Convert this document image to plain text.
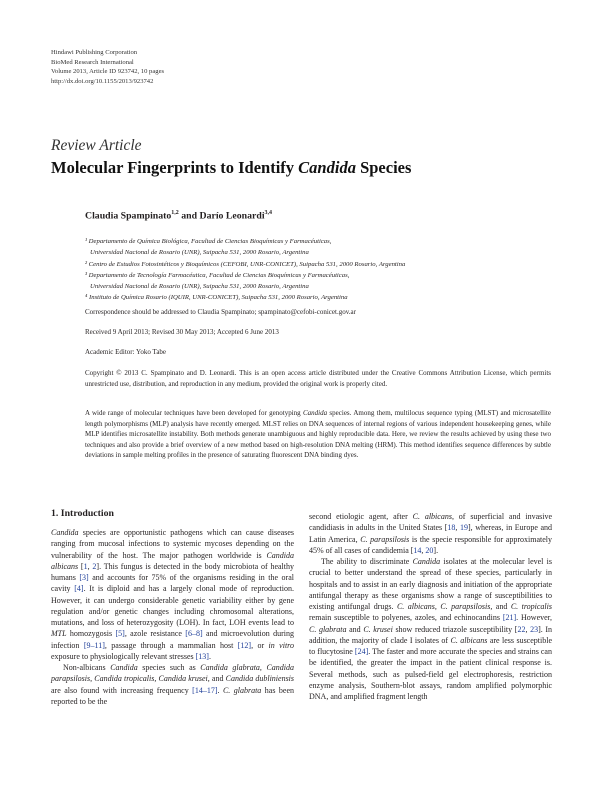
Hindawi Publishing Corporation
BioMed Research International
Volume 2013, Article ID 923742, 10 pages
http://dx.doi.org/10.1155/2013/923742
Review Article
Molecular Fingerprints to Identify Candida Species
Claudia Spampinato$^{1,2}$ and Darío Leonardi$^{3,4}$
¹ Departamento de Química Biológica, Facultad de Ciencias Bioquímicas y Farmacéuticas,
Universidad Nacional de Rosario (UNR), Suipacha 531, 2000 Rosario, Argentina
² Centro de Estudios Fotosintéticos y Bioquímicos (CEFOBI, UNR-CONICET), Suipacha 531, 2000 Rosario, Argentina
³ Departamento de Tecnología Farmacéutica, Facultad de Ciencias Bioquímicas y Farmacéuticas,
Universidad Nacional de Rosario (UNR), Suipacha 531, 2000 Rosario, Argentina
⁴ Instituto de Química Rosario (IQUIR, UNR-CONICET), Suipacha 531, 2000 Rosario, Argentina
Correspondence should be addressed to Claudia Spampinato; spampinato@cefobi-conicet.gov.ar
Received 9 April 2013; Revised 30 May 2013; Accepted 6 June 2013
Academic Editor: Yoko Tabe
Copyright © 2013 C. Spampinato and D. Leonardi. This is an open access article distributed under the Creative Commons Attribution License, which permits unrestricted use, distribution, and reproduction in any medium, provided the original work is properly cited.
A wide range of molecular techniques have been developed for genotyping Candida species. Among them, multilocus sequence typing (MLST) and microsatellite length polymorphisms (MLP) analysis have recently emerged. MLST relies on DNA sequences of internal regions of various independent housekeeping genes, while MLP identifies microsatellite instability. Both methods generate unambiguous and highly reproducible data. Here, we review the results achieved by using these two techniques and also provide a brief overview of a new method based on high-resolution DNA melting (HRM). This method identifies sequence differences by subtle deviations in sample melting profiles in the presence of saturating fluorescent DNA binding dyes.
1. Introduction

Candida species are opportunistic pathogens which can cause diseases ranging from mucosal infections to systemic mycoses depending on the vulnerability of the host. The major pathogen worldwide is Candida albicans [1, 2]. This fungus is detected in the body microbiota of healthy humans [3] and accounts for 75% of the organisms residing in the oral cavity [4]. It is diploid and has a largely clonal mode of reproduction. However, it can undergo considerable genetic variability either by gene regulation and/or genetic changes including chromosomal alterations, mutations, and loss of heterozygosity (LOH). In fact, LOH events lead to MTL homozygosis [5], azole resistance [6–8] and microevolution during infection [9–11], passage through a mammalian host [12], or in vitro exposure to physiologically relevant stresses [13].

Non-albicans Candida species such as Candida glabrata, Candida parapsilosis, Candida tropicalis, Candida krusei, and Candida dubliniensis are also found with increasing frequency [14–17]. C. glabrata has been reported to be the

second etiologic agent, after C. albicans, of superficial and invasive candidiasis in adults in the United States [18, 19], whereas, in Europe and Latin America, C. parapsilosis is the specie responsible for approximately 45% of all cases of candidemia [14, 20].

The ability to discriminate Candida isolates at the molecular level is crucial to better understand the spread of these species, particularly in hospitals and to assist in an early diagnosis and initiation of the appropriate antifungal therapy as these organisms show a range of susceptibilities to existing antifungal drugs. C. albicans, C. parapsilosis, and C. tropicalis remain susceptible to polyenes, azoles, and echinocandins [21]. However, C. glabrata and C. krusei show reduced triazole susceptibility [22, 23]. In addition, the majority of clade I isolates of C. albicans are less susceptible to flucytosine [24]. The faster and more accurate the species and strains can be identified, the greater the impact in the patient clinical response is. Several methods, such as pulsed-field gel electrophoresis, restriction enzyme analysis, Southern-blot assays, random amplified polymorphic DNA, and amplified fragment length
